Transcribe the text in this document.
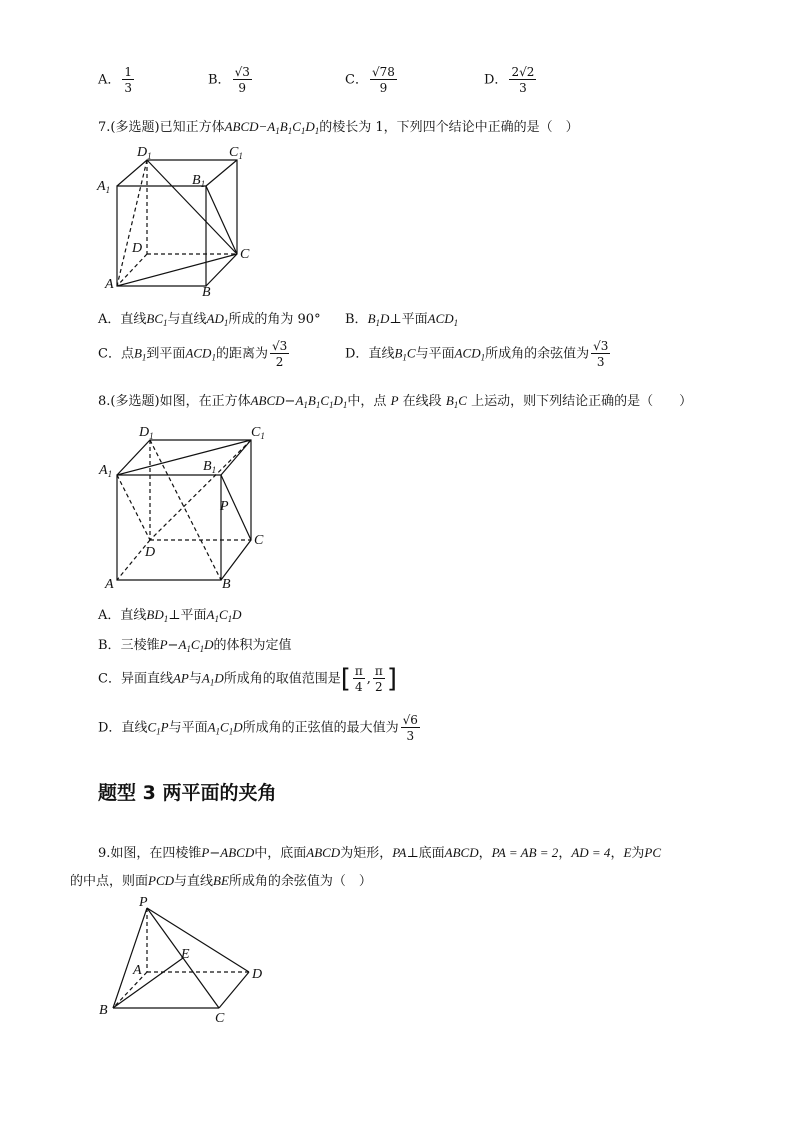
A． $\frac{1}{3}$	B． $\frac{√3}{9}$	C． $\frac{√78}{9}$	D． $\frac{2√2}{3}$
7.(多选题)已知正方体$ABCD-A_1B_1C_1D_1$的棱长为 1，下列四个结论中正确的是（　）
$D_1$	$C_1$
$A_1$
$B_1$
D	C
A
B
A．直线$BC_1$与直线$AD_1$所成的角为 90° B．$B_1D\perp$平面$ACD_1$
C．点$B_1$到平面$ACD_1$的距离为 $\frac{√3}{2}$	D．直线$B_1C$与平面$ACD_1$所成角的余弦值为 $\frac{√3}{3}$
8.(多选题)如图，在正方体$ABCD-A_1B_1C_1D_1$中，点 P 在线段 $B_1C$ 上运动，则下列结论正确的是（　　）
$D_1$	$C_1$
$A_1$	$B_1$
P
C
D
A	B
A．直线$BD_1\perp$平面$A_1C_1D$
B．三棱锥$P-A_1C_1D$的体积为定值
C．异面直线AP与$A_1D$所成角的取值范围是[ $\frac{\pi}{4}$ , $\frac{\pi}{2}$ ]
D．直线$C_1P$与平面$A_1C_1D$所成角的正弦值的最大值为 $\frac{√6}{3}$
题型 3 两平面的夹角
9.如图，在四棱锥P−ABCD中，底面ABCD为矩形，PA⊥底面ABCD，PA = AB = 2，AD = 4，E为PC
的中点，则面PCD与直线BE所成角的余弦值为（　）
P
A
E
D
B
C
